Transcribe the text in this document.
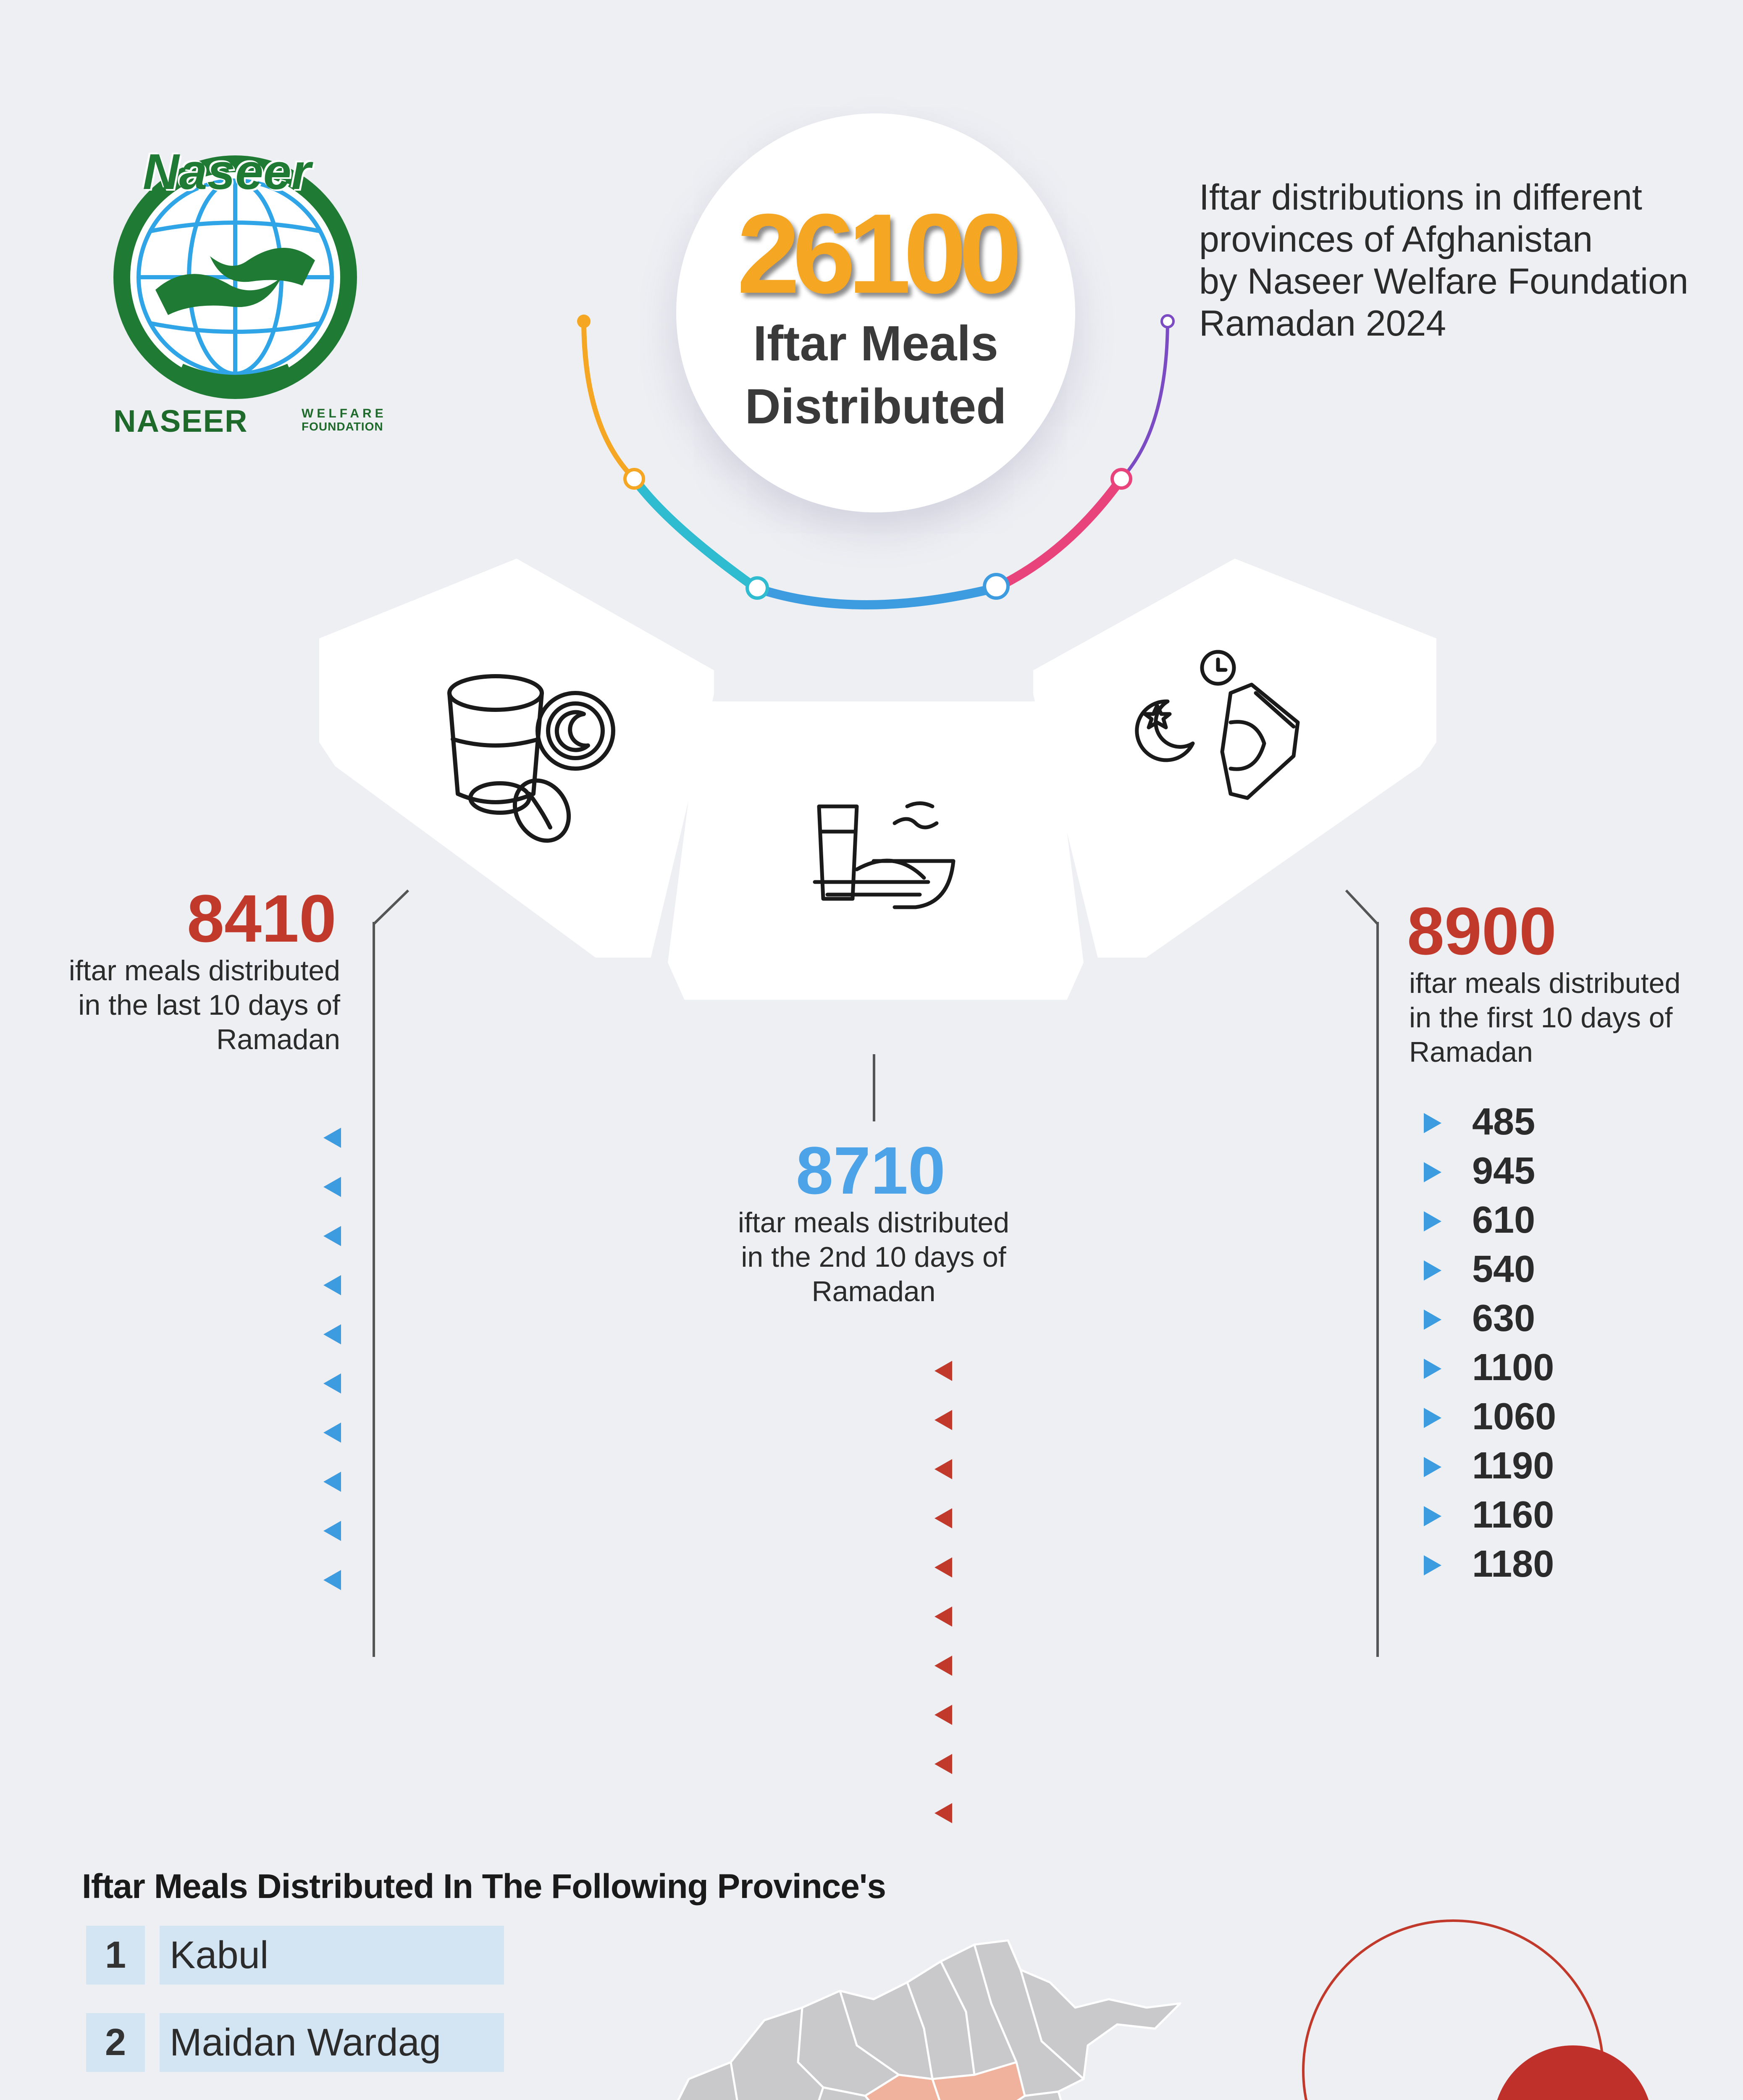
Naseer
NASEER	WELFARE
FOUNDATION
26100
Iftar Meals
Distributed
Iftar distributions in different
provinces of Afghanistan
by Naseer Welfare Foundation
Ramadan 2024
8410
iftar meals distributed
in the last 10 days of
Ramadan
8710
iftar meals distributed
in the 2nd 10 days of
Ramadan
8900
iftar meals distributed
in the first 10 days of
Ramadan
485
945
610
540
630
1100
1060
1190
1160
1180
Iftar Meals Distributed In The Following Province's
1	Kabul
2	Maidan Wardag
